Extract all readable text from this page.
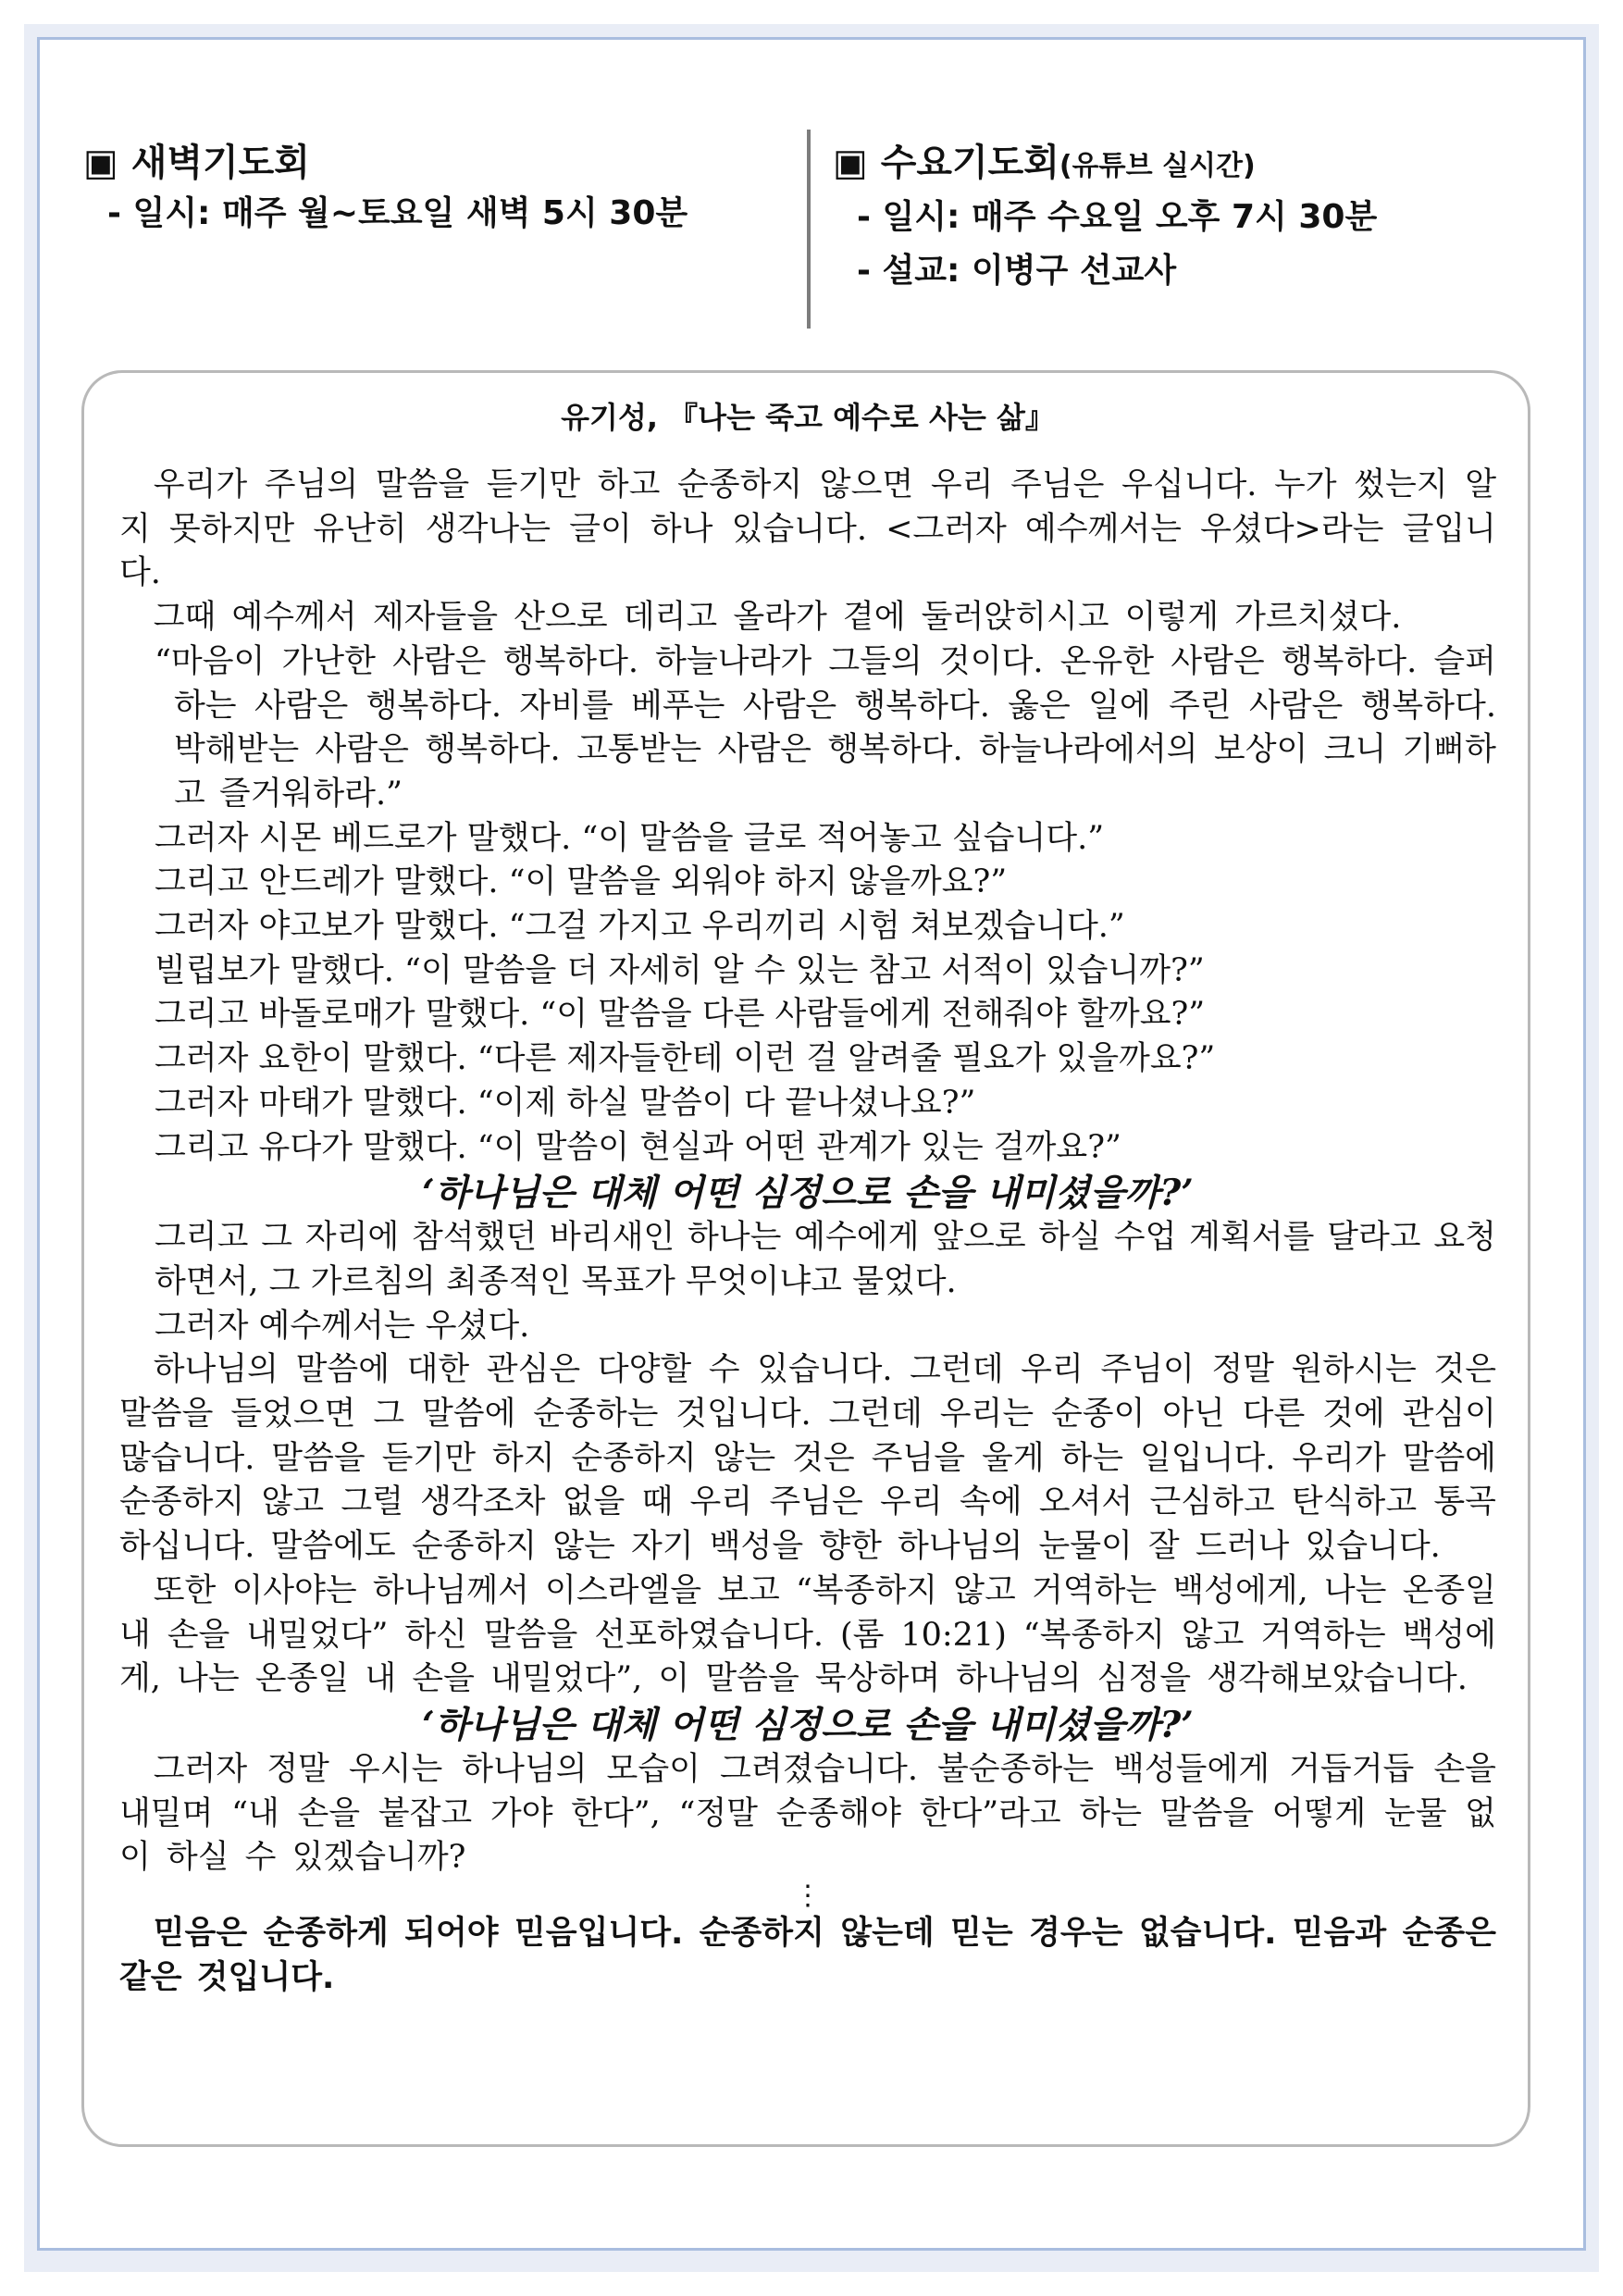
▣ 새벽기도회
- 일시: 매주 월~토요일 새벽 5시 30분
▣ 수요기도회(유튜브 실시간)
- 일시: 매주 수요일 오후 7시 30분
- 설교: 이병구 선교사
유기성, 『나는 죽고 예수로 사는 삶』

우리가 주님의 말씀을 듣기만 하고 순종하지 않으면 우리 주님은 우십니다. 누가 썼는지 알지 못하지만 유난히 생각나는 글이 하나 있습니다. <그러자 예수께서는 우셨다>라는 글입니다.

그때 예수께서 제자들을 산으로 데리고 올라가 곁에 둘러앉히시고 이렇게 가르치셨다.

“마음이 가난한 사람은 행복하다. 하늘나라가 그들의 것이다. 온유한 사람은 행복하다. 슬퍼하는 사람은 행복하다. 자비를 베푸는 사람은 행복하다. 옳은 일에 주린 사람은 행복하다. 박해받는 사람은 행복하다. 고통받는 사람은 행복하다. 하늘나라에서의 보상이 크니 기뻐하고 즐거워하라.”

그러자 시몬 베드로가 말했다. “이 말씀을 글로 적어놓고 싶습니다.”

그리고 안드레가 말했다. “이 말씀을 외워야 하지 않을까요?”

그러자 야고보가 말했다. “그걸 가지고 우리끼리 시험 쳐보겠습니다.”

빌립보가 말했다. “이 말씀을 더 자세히 알 수 있는 참고 서적이 있습니까?”

그리고 바돌로매가 말했다. “이 말씀을 다른 사람들에게 전해줘야 할까요?”

그러자 요한이 말했다. “다른 제자들한테 이런 걸 알려줄 필요가 있을까요?”

그러자 마태가 말했다. “이제 하실 말씀이 다 끝나셨나요?”

그리고 유다가 말했다. “이 말씀이 현실과 어떤 관계가 있는 걸까요?”

‘하나님은 대체 어떤 심정으로 손을 내미셨을까?’

그리고 그 자리에 참석했던 바리새인 하나는 예수에게 앞으로 하실 수업 계획서를 달라고 요청하면서, 그 가르침의 최종적인 목표가 무엇이냐고 물었다.

그러자 예수께서는 우셨다.

하나님의 말씀에 대한 관심은 다양할 수 있습니다. 그런데 우리 주님이 정말 원하시는 것은 말씀을 들었으면 그 말씀에 순종하는 것입니다. 그런데 우리는 순종이 아닌 다른 것에 관심이 많습니다. 말씀을 듣기만 하지 순종하지 않는 것은 주님을 울게 하는 일입니다. 우리가 말씀에 순종하지 않고 그럴 생각조차 없을 때 우리 주님은 우리 속에 오셔서 근심하고 탄식하고 통곡하십니다. 말씀에도 순종하지 않는 자기 백성을 향한 하나님의 눈물이 잘 드러나 있습니다.

또한 이사야는 하나님께서 이스라엘을 보고 “복종하지 않고 거역하는 백성에게, 나는 온종일 내 손을 내밀었다” 하신 말씀을 선포하였습니다. (롬 10:21) “복종하지 않고 거역하는 백성에게, 나는 온종일 내 손을 내밀었다”, 이 말씀을 묵상하며 하나님의 심정을 생각해보았습니다.

‘하나님은 대체 어떤 심정으로 손을 내미셨을까?’

그러자 정말 우시는 하나님의 모습이 그려졌습니다. 불순종하는 백성들에게 거듭거듭 손을 내밀며 “내 손을 붙잡고 가야 한다”, “정말 순종해야 한다”라고 하는 말씀을 어떻게 눈물 없이 하실 수 있겠습니까?

⋮

믿음은 순종하게 되어야 믿음입니다. 순종하지 않는데 믿는 경우는 없습니다. 믿음과 순종은 같은 것입니다.
